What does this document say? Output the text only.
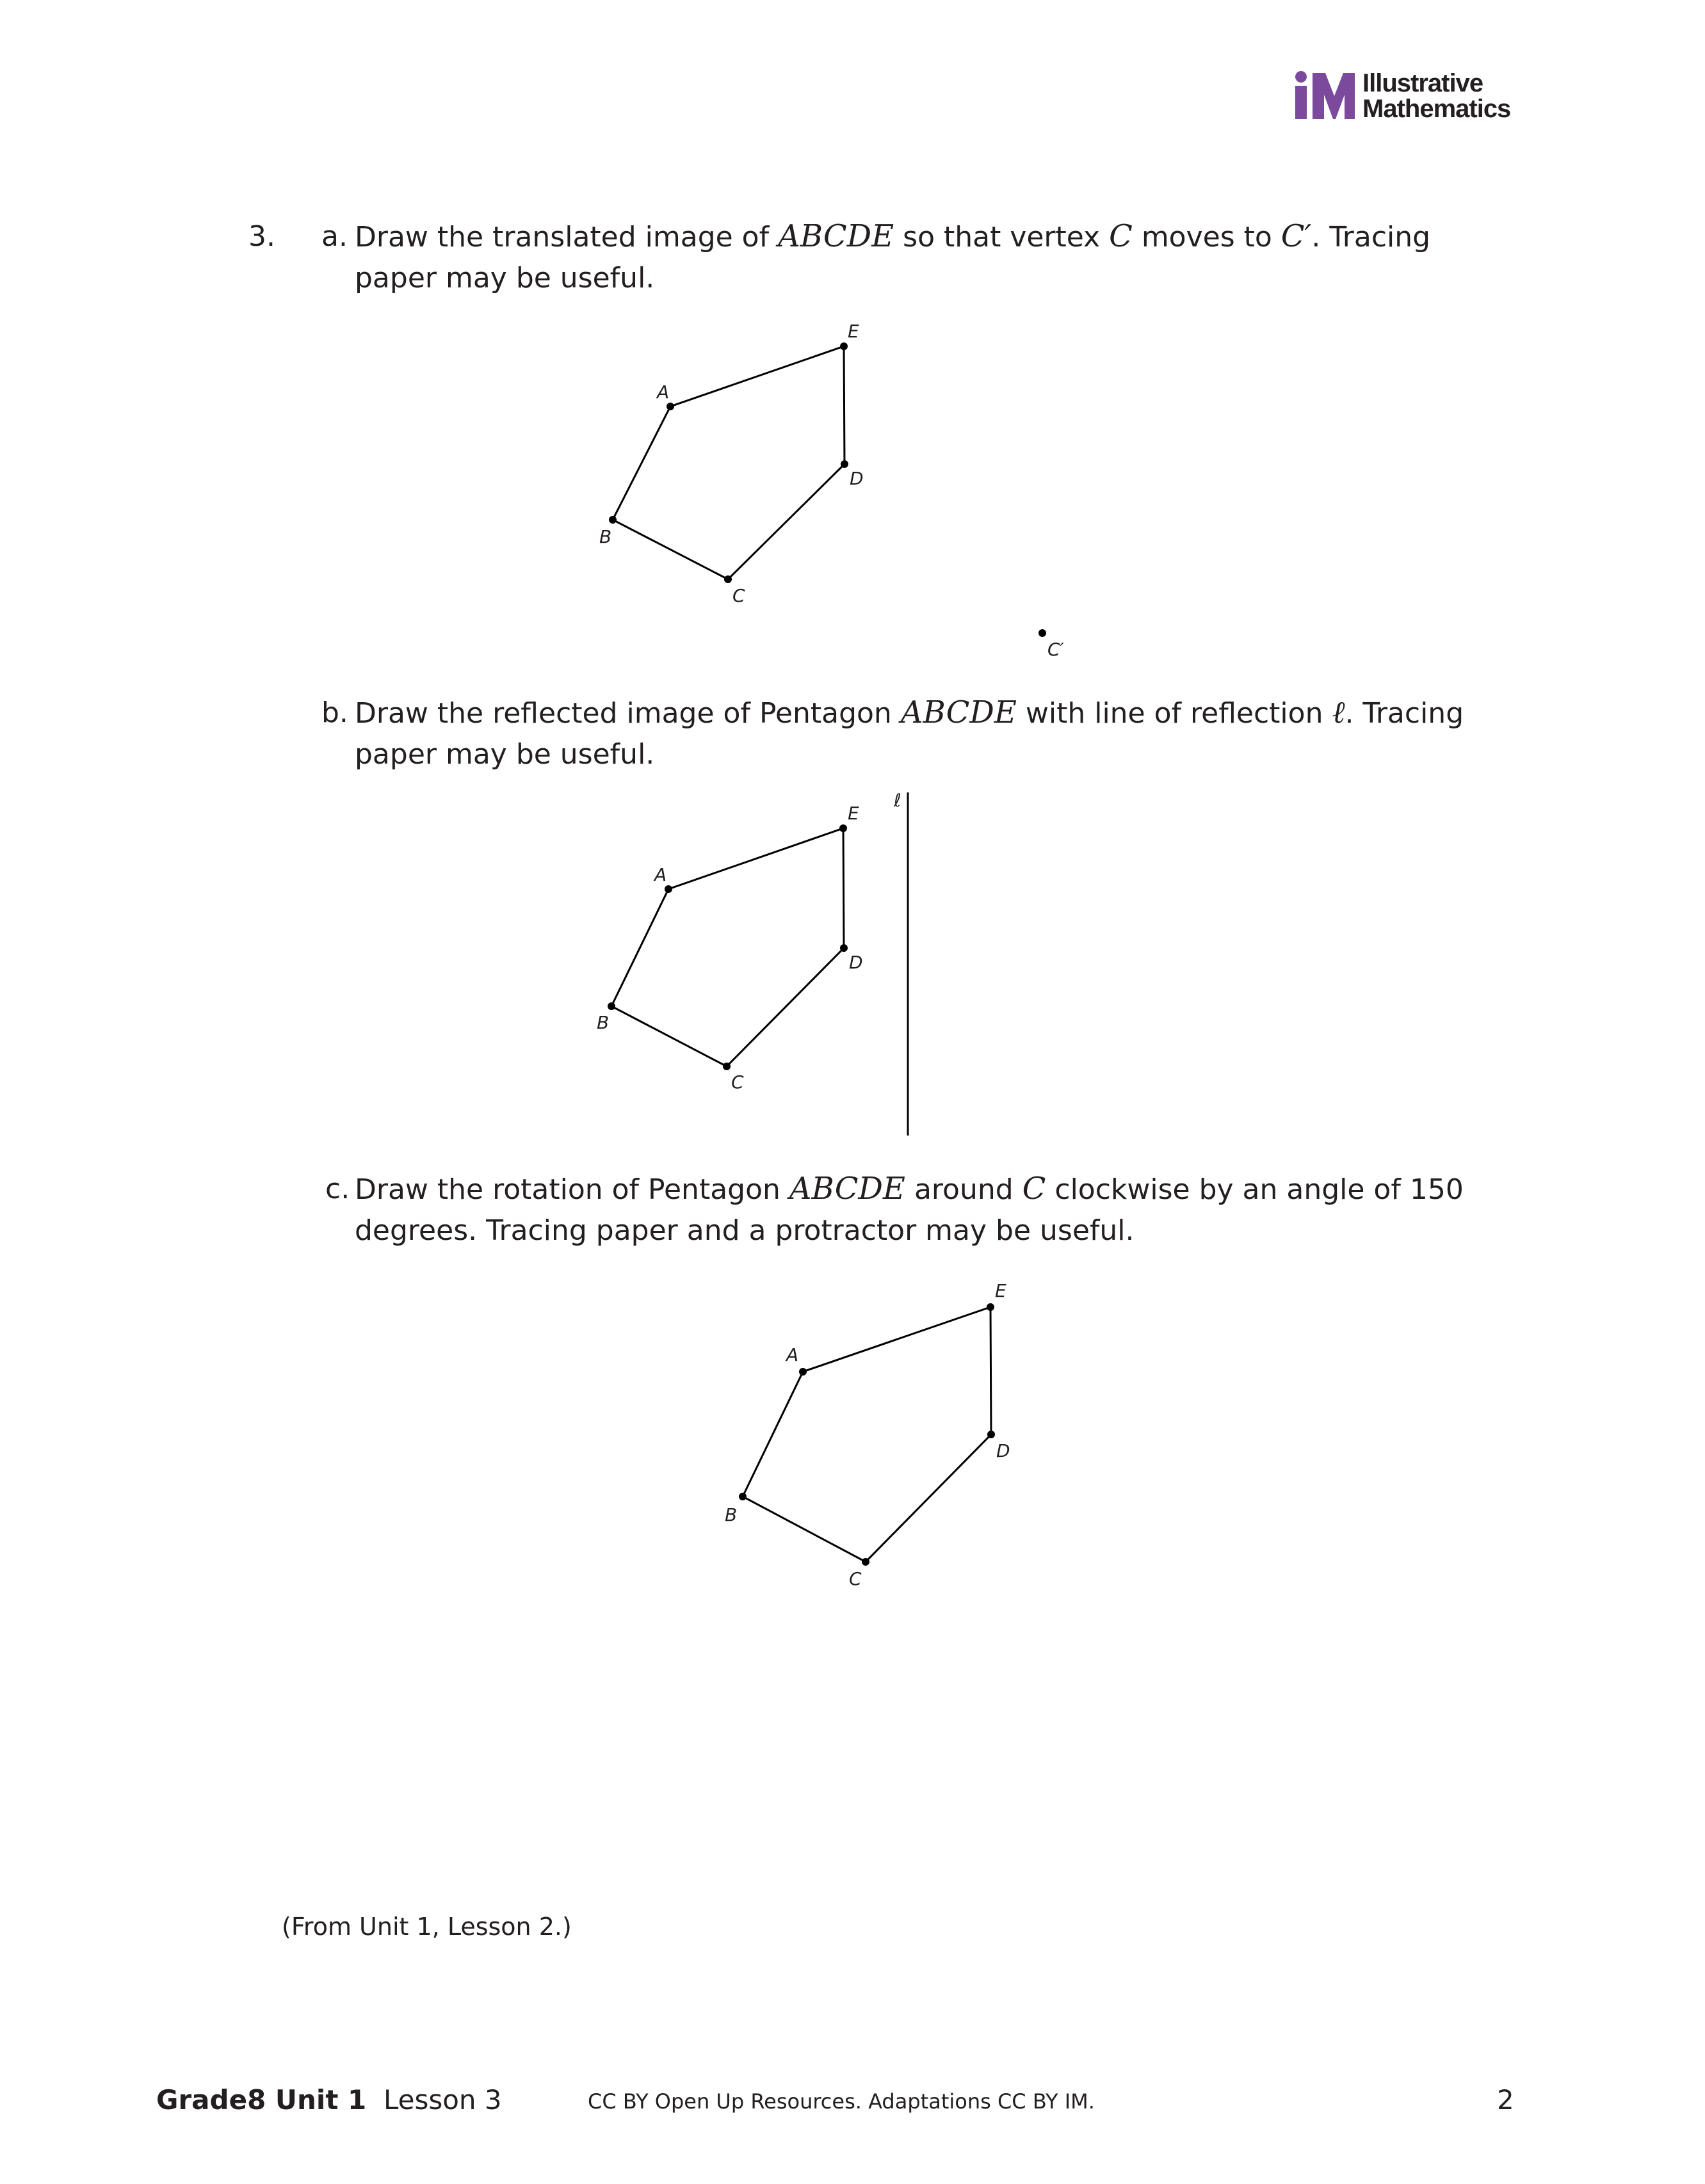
Illustrative
Mathematics
3. a. Draw the translated image of ABCDE so that vertex C moves to C′. Tracing
paper may be useful.
A
B
C
D
E
C′
b. Draw the reflected image of Pentagon ABCDE with line of reflection ℓ. Tracing
paper may be useful.
A
B
C
D
E
ℓ
c. Draw the rotation of Pentagon ABCDE around C clockwise by an angle of 150
degrees. Tracing paper and a protractor may be useful.
A
B
C
D
E
(From Unit 1, Lesson 2.)
Grade8 Unit 1 Lesson 3	CC BY Open Up Resources. Adaptations CC BY IM.	2
